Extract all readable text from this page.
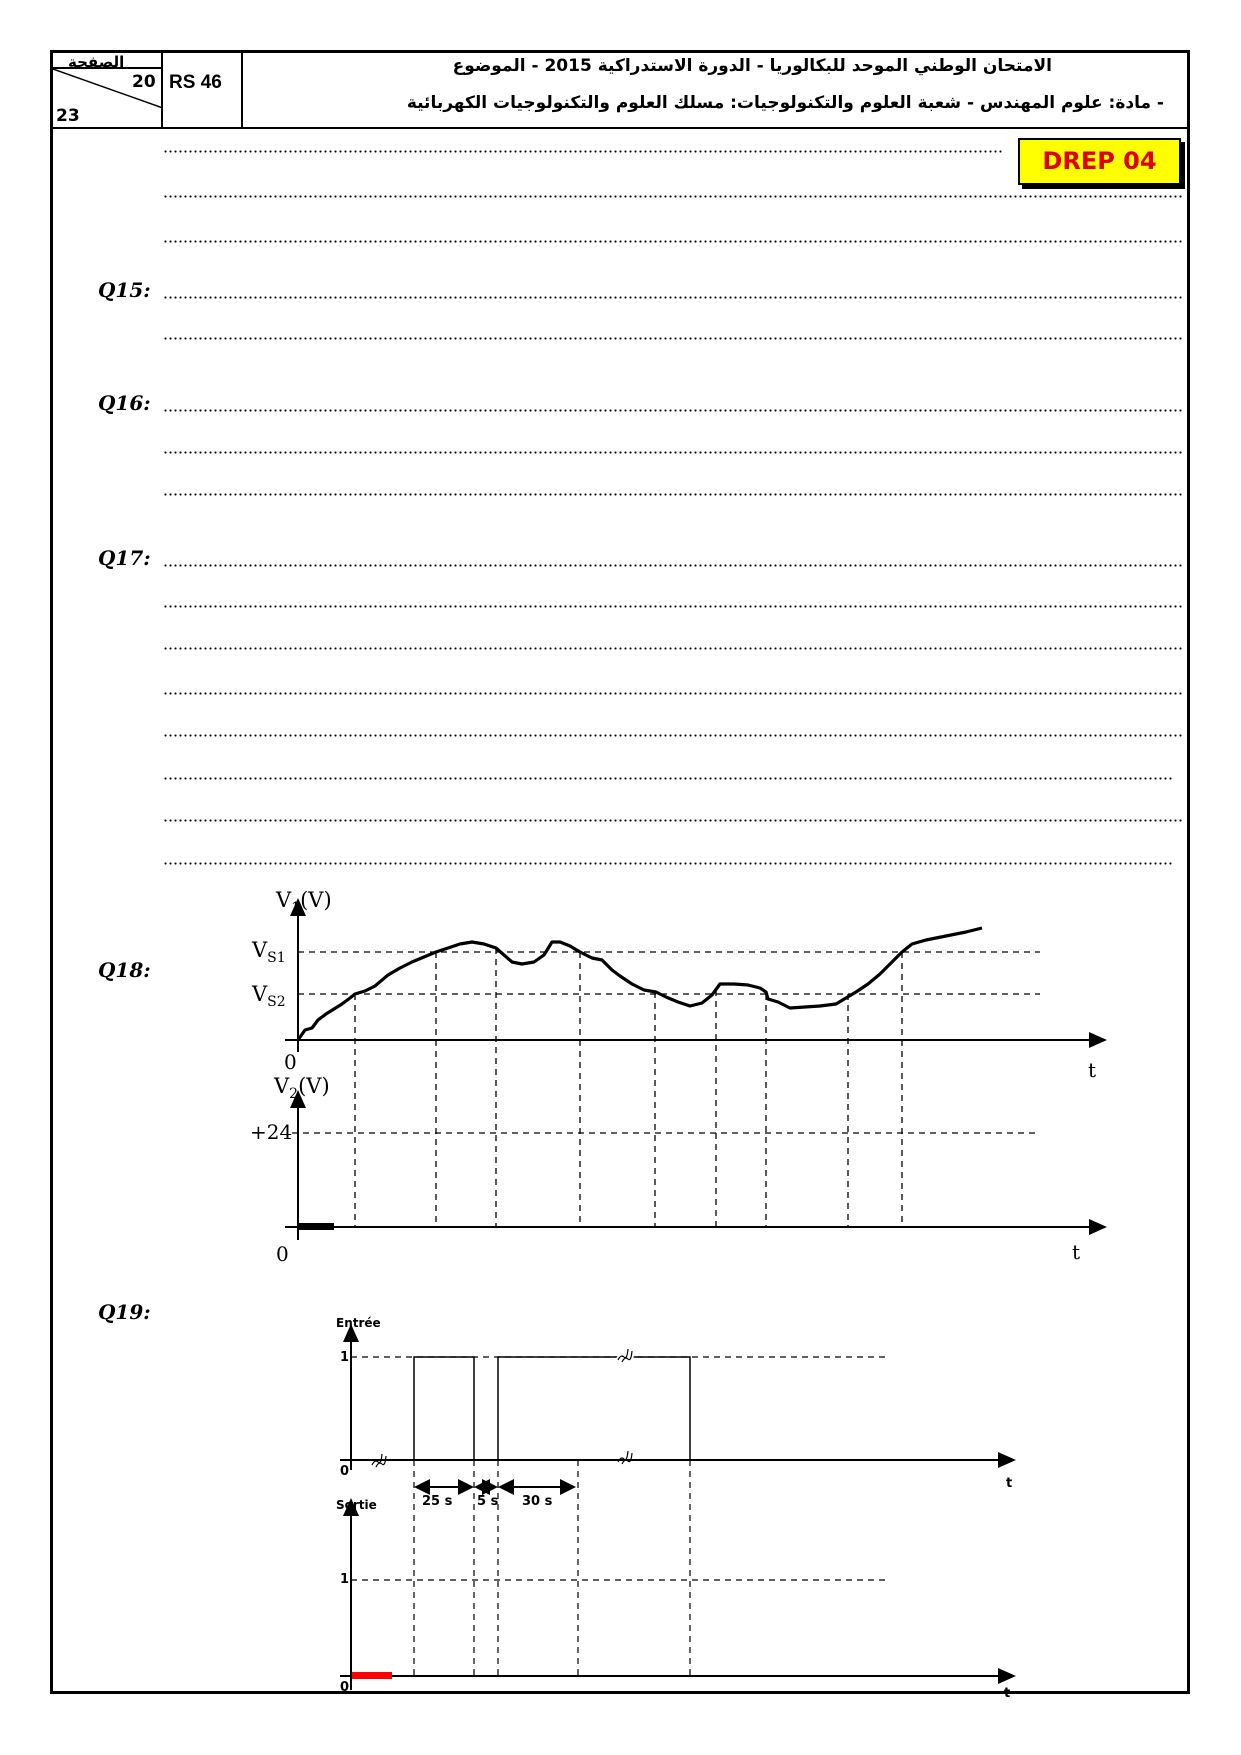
الصفحة
20
23
RS 46
الامتحان الوطني الموحد للبكالوريا - الدورة الاستدراكية 2015 - الموضوع
- مادة: علوم المهندس - شعبة العلوم والتكنولوجيات: مسلك العلوم والتكنولوجيات الكهربائية
DREP 04
Q15:
Q16:
Q17:
Q18:
Q19:
$V_1(V)$
$V_{S1}$
$V_{S2}$
0	t
$V_2(V)$
+24
0	t
Entrée
1
0
t
25 s 5 s 30 s
Sortie
1
0	t
